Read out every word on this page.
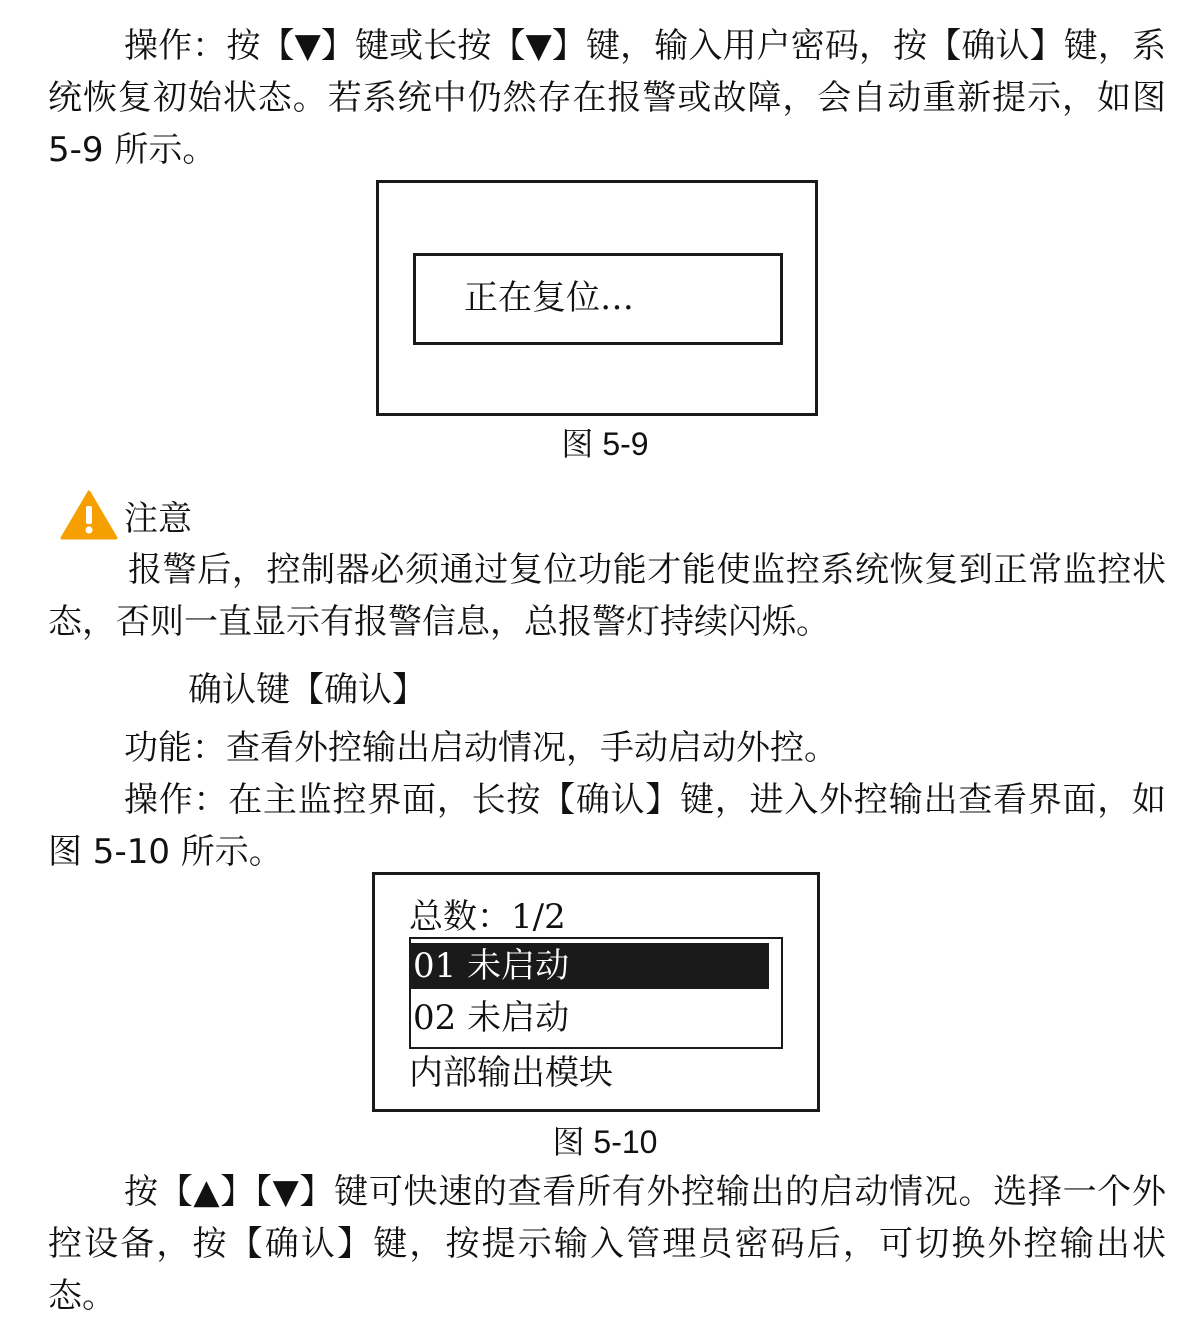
操作：按【▼】键或长按【▼】键，输入用户密码，按【确认】键，系统恢复初始状态。若系统中仍然存在报警或故障，会自动重新提示，如图 5-9 所示。

正在复位…
图 5-9
注意

报警后，控制器必须通过复位功能才能使监控系统恢复到正常监控状态，否则一直显示有报警信息，总报警灯持续闪烁。

确认键【确认】

功能：查看外控输出启动情况，手动启动外控。

操作：在主监控界面，长按【确认】键，进入外控输出查看界面，如图 5-10 所示。

总数：1/2
01 未启动
02 未启动
内部输出模块
图 5-10

按【▲】【▼】键可快速的查看所有外控输出的启动情况。选择一个外控设备，按【确认】键，按提示输入管理员密码后，可切换外控输出状态。
